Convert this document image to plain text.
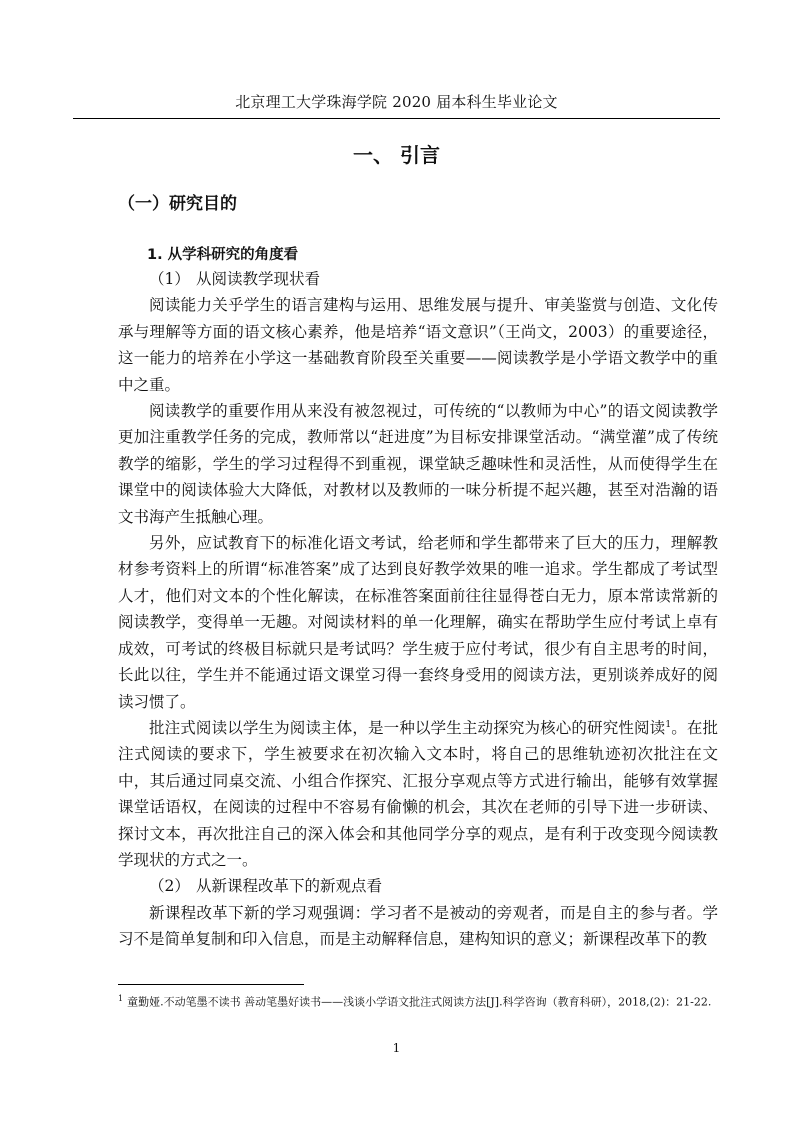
北京理工大学珠海学院 2020 届本科生毕业论文
一、 引言
（一）研究目的
1. 从学科研究的角度看

（1） 从阅读教学现状看

阅读能力关乎学生的语言建构与运用、思维发展与提升、审美鉴赏与创造、文化传承与理解等方面的语文核心素养，他是培养“语文意识”（王尚文，2003）的重要途径，这一能力的培养在小学这一基础教育阶段至关重要——阅读教学是小学语文教学中的重中之重。

阅读教学的重要作用从来没有被忽视过，可传统的“以教师为中心”的语文阅读教学更加注重教学任务的完成，教师常以“赶进度”为目标安排课堂活动。“满堂灌”成了传统教学的缩影，学生的学习过程得不到重视，课堂缺乏趣味性和灵活性，从而使得学生在课堂中的阅读体验大大降低，对教材以及教师的一味分析提不起兴趣，甚至对浩瀚的语文书海产生抵触心理。

另外，应试教育下的标准化语文考试，给老师和学生都带来了巨大的压力，理解教材参考资料上的所谓“标准答案”成了达到良好教学效果的唯一追求。学生都成了考试型人才，他们对文本的个性化解读，在标准答案面前往往显得苍白无力，原本常读常新的阅读教学，变得单一无趣。对阅读材料的单一化理解，确实在帮助学生应付考试上卓有成效，可考试的终极目标就只是考试吗？学生疲于应付考试，很少有自主思考的时间，长此以往，学生并不能通过语文课堂习得一套终身受用的阅读方法，更别谈养成好的阅读习惯了。

批注式阅读以学生为阅读主体，是一种以学生主动探究为核心的研究性阅读$^1$。在批注式阅读的要求下，学生被要求在初次输入文本时，将自己的思维轨迹初次批注在文中，其后通过同桌交流、小组合作探究、汇报分享观点等方式进行输出，能够有效掌握课堂话语权，在阅读的过程中不容易有偷懒的机会，其次在老师的引导下进一步研读、探讨文本，再次批注自己的深入体会和其他同学分享的观点，是有利于改变现今阅读教学现状的方式之一。

（2） 从新课程改革下的新观点看

新课程改革下新的学习观强调：学习者不是被动的旁观者，而是自主的参与者。学习不是简单复制和印入信息，而是主动解释信息，建构知识的意义；新课程改革下的教

$^1$ 童勤娅.不动笔墨不读书 善动笔墨好读书——浅谈小学语文批注式阅读方法[J].科学咨询（教育科研），2018,(2)：21-22.
1
